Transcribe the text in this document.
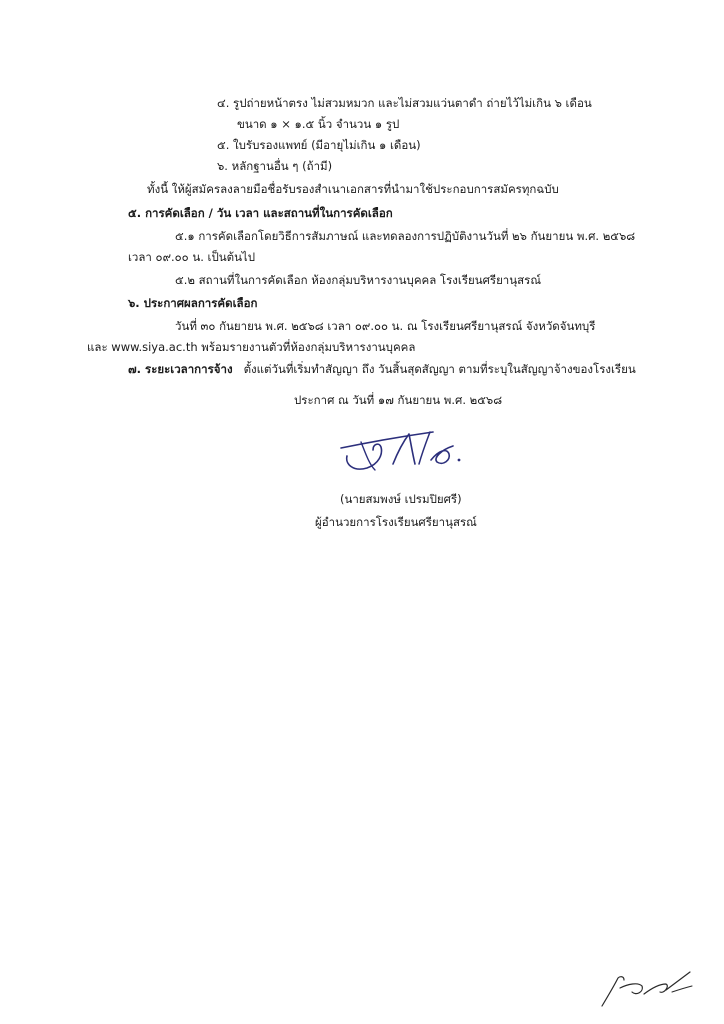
๔. รูปถ่ายหน้าตรง ไม่สวมหมวก และไม่สวมแว่นตาดำ ถ่ายไว้ไม่เกิน ๖ เดือน
ขนาด ๑ × ๑.๕ นิ้ว จำนวน ๑ รูป
๕. ใบรับรองแพทย์ (มีอายุไม่เกิน ๑ เดือน)
๖. หลักฐานอื่น ๆ (ถ้ามี)
ทั้งนี้ ให้ผู้สมัครลงลายมือชื่อรับรองสำเนาเอกสารที่นำมาใช้ประกอบการสมัครทุกฉบับ
๕. การคัดเลือก / วัน เวลา และสถานที่ในการคัดเลือก
๕.๑ การคัดเลือกโดยวิธีการสัมภาษณ์ และทดลองการปฏิบัติงานวันที่ ๒๖ กันยายน พ.ศ. ๒๕๖๘
เวลา ๐๙.๐๐ น. เป็นต้นไป
๕.๒ สถานที่ในการคัดเลือก ห้องกลุ่มบริหารงานบุคคล โรงเรียนศรียานุสรณ์
๖. ประกาศผลการคัดเลือก
วันที่ ๓๐ กันยายน พ.ศ. ๒๕๖๘ เวลา ๐๙.๐๐ น. ณ โรงเรียนศรียานุสรณ์ จังหวัดจันทบุรี
และ www.siya.ac.th พร้อมรายงานตัวที่ห้องกลุ่มบริหารงานบุคคล
๗. ระยะเวลาการจ้าง ตั้งแต่วันที่เริ่มทำสัญญา ถึง วันสิ้นสุดสัญญา ตามที่ระบุในสัญญาจ้างของโรงเรียน
ประกาศ ณ วันที่ ๑๗ กันยายน พ.ศ. ๒๕๖๘
(นายสมพงษ์ เปรมปิยศรี)
ผู้อำนวยการโรงเรียนศรียานุสรณ์
